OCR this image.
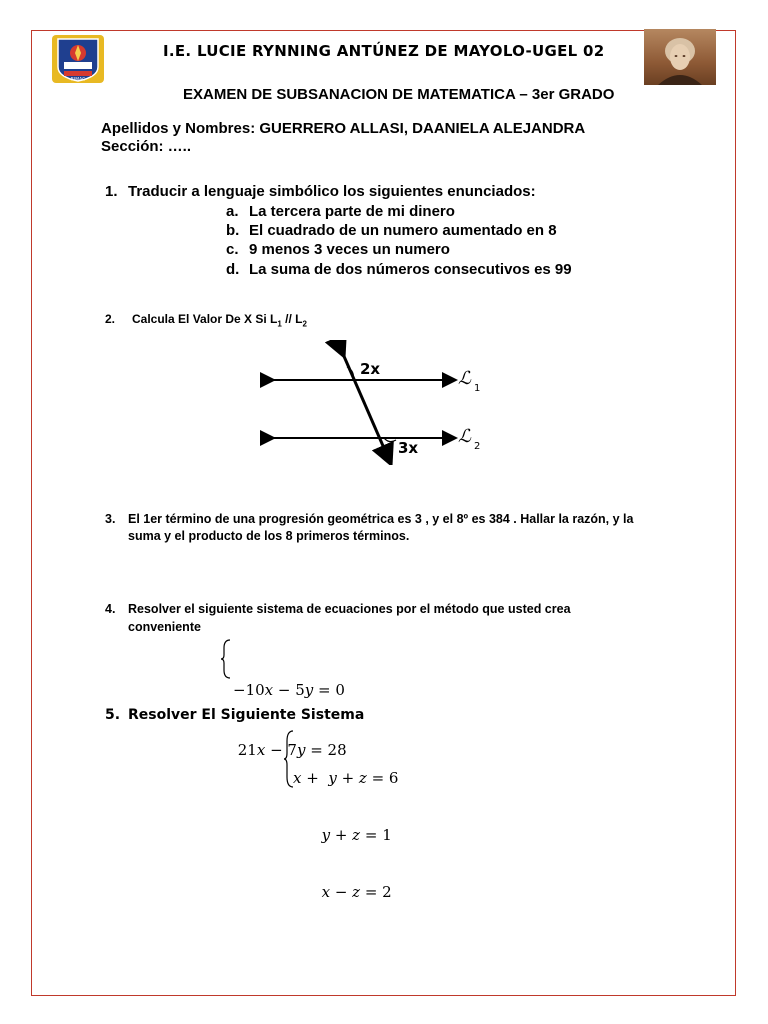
RIMAC
I.E. LUCIE RYNNING ANTÚNEZ DE MAYOLO-UGEL 02
EXAMEN DE SUBSANACION DE MATEMATICA – 3er GRADO
Apellidos y Nombres: GUERRERO ALLASI, DAANIELA ALEJANDRA
Sección: …..
1. Traducir a lenguaje simbólico los siguientes enunciados:
a. La tercera parte de mi dinero
b. El cuadrado de un numero aumentado en 8
c. 9 menos 3 veces un numero
d. La suma de dos números consecutivos es 99
2. Calcula El Valor De X Si $L_1 // L_2$
2x
3x
ℒ 1
ℒ 2
3.	El 1er término de una progresión geométrica es 3 , y el 8º es 384 . Hallar la razón, y la suma y el producto de los 8 primeros términos.
4.	Resolver el siguiente sistema de ecuaciones por el método que usted crea conveniente

−10𝑥 − 5𝑦 = 0

21𝑥 − 7𝑦 = 28

5. Resolver El Siguiente Sistema

𝑥 +  𝑦 + 𝑧 = 6

𝑦 + 𝑧 = 1

𝑥 − 𝑧 = 2
